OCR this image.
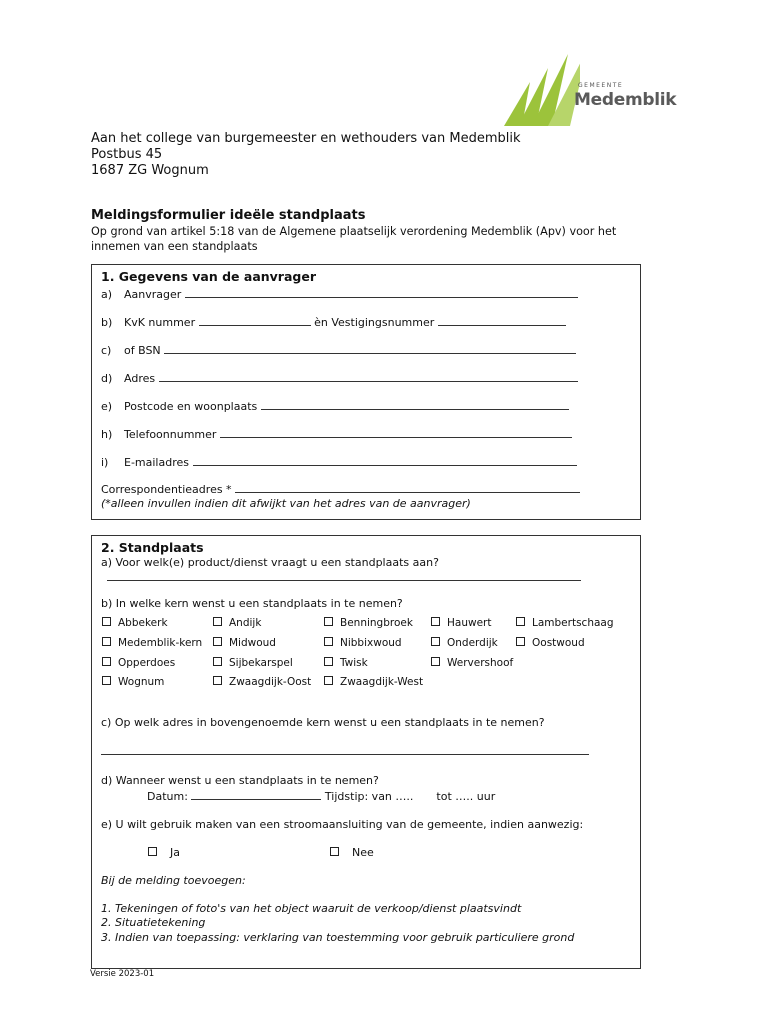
GEMEENTE
Medemblik
Aan het college van burgemeester en wethouders van Medemblik
Postbus 45
1687 ZG Wognum
Meldingsformulier ideële standplaats
Op grond van artikel 5:18 van de Algemene plaatselijk verordening Medemblik (Apv) voor het innemen van een standplaats
1. Gegevens van de aanvrager
a) Aanvrager
b) KvK nummer	èn Vestigingsnummer
c) of BSN
d) Adres
e) Postcode en woonplaats
h) Telefoonnummer
i) E-mailadres
Correspondentieadres *
(*alleen invullen indien dit afwijkt van het adres van de aanvrager)
2. Standplaats
a) Voor welk(e) product/dienst vraagt u een standplaats aan?
b) In welke kern wenst u een standplaats in te nemen?
Abbekerk	Andijk	Benningbroek	Hauwert	Lambertschaag
Medemblik-kern	Midwoud	Nibbixwoud	Onderdijk	Oostwoud
Opperdoes	Sijbekarspel	Twisk	Wervershoof
Wognum	Zwaagdijk-Oost	Zwaagdijk-West
c) Op welk adres in bovengenoemde kern wenst u een standplaats in te nemen?
d) Wanneer wenst u een standplaats in te nemen?
Datum:	Tijdstip: van ….. tot ….. uur
e) U wilt gebruik maken van een stroomaansluiting van de gemeente, indien aanwezig:
Ja	Nee
Bij de melding toevoegen:
1. Tekeningen of foto's van het object waaruit de verkoop/dienst plaatsvindt
2. Situatietekening
3. Indien van toepassing: verklaring van toestemming voor gebruik particuliere grond
Versie 2023-01
